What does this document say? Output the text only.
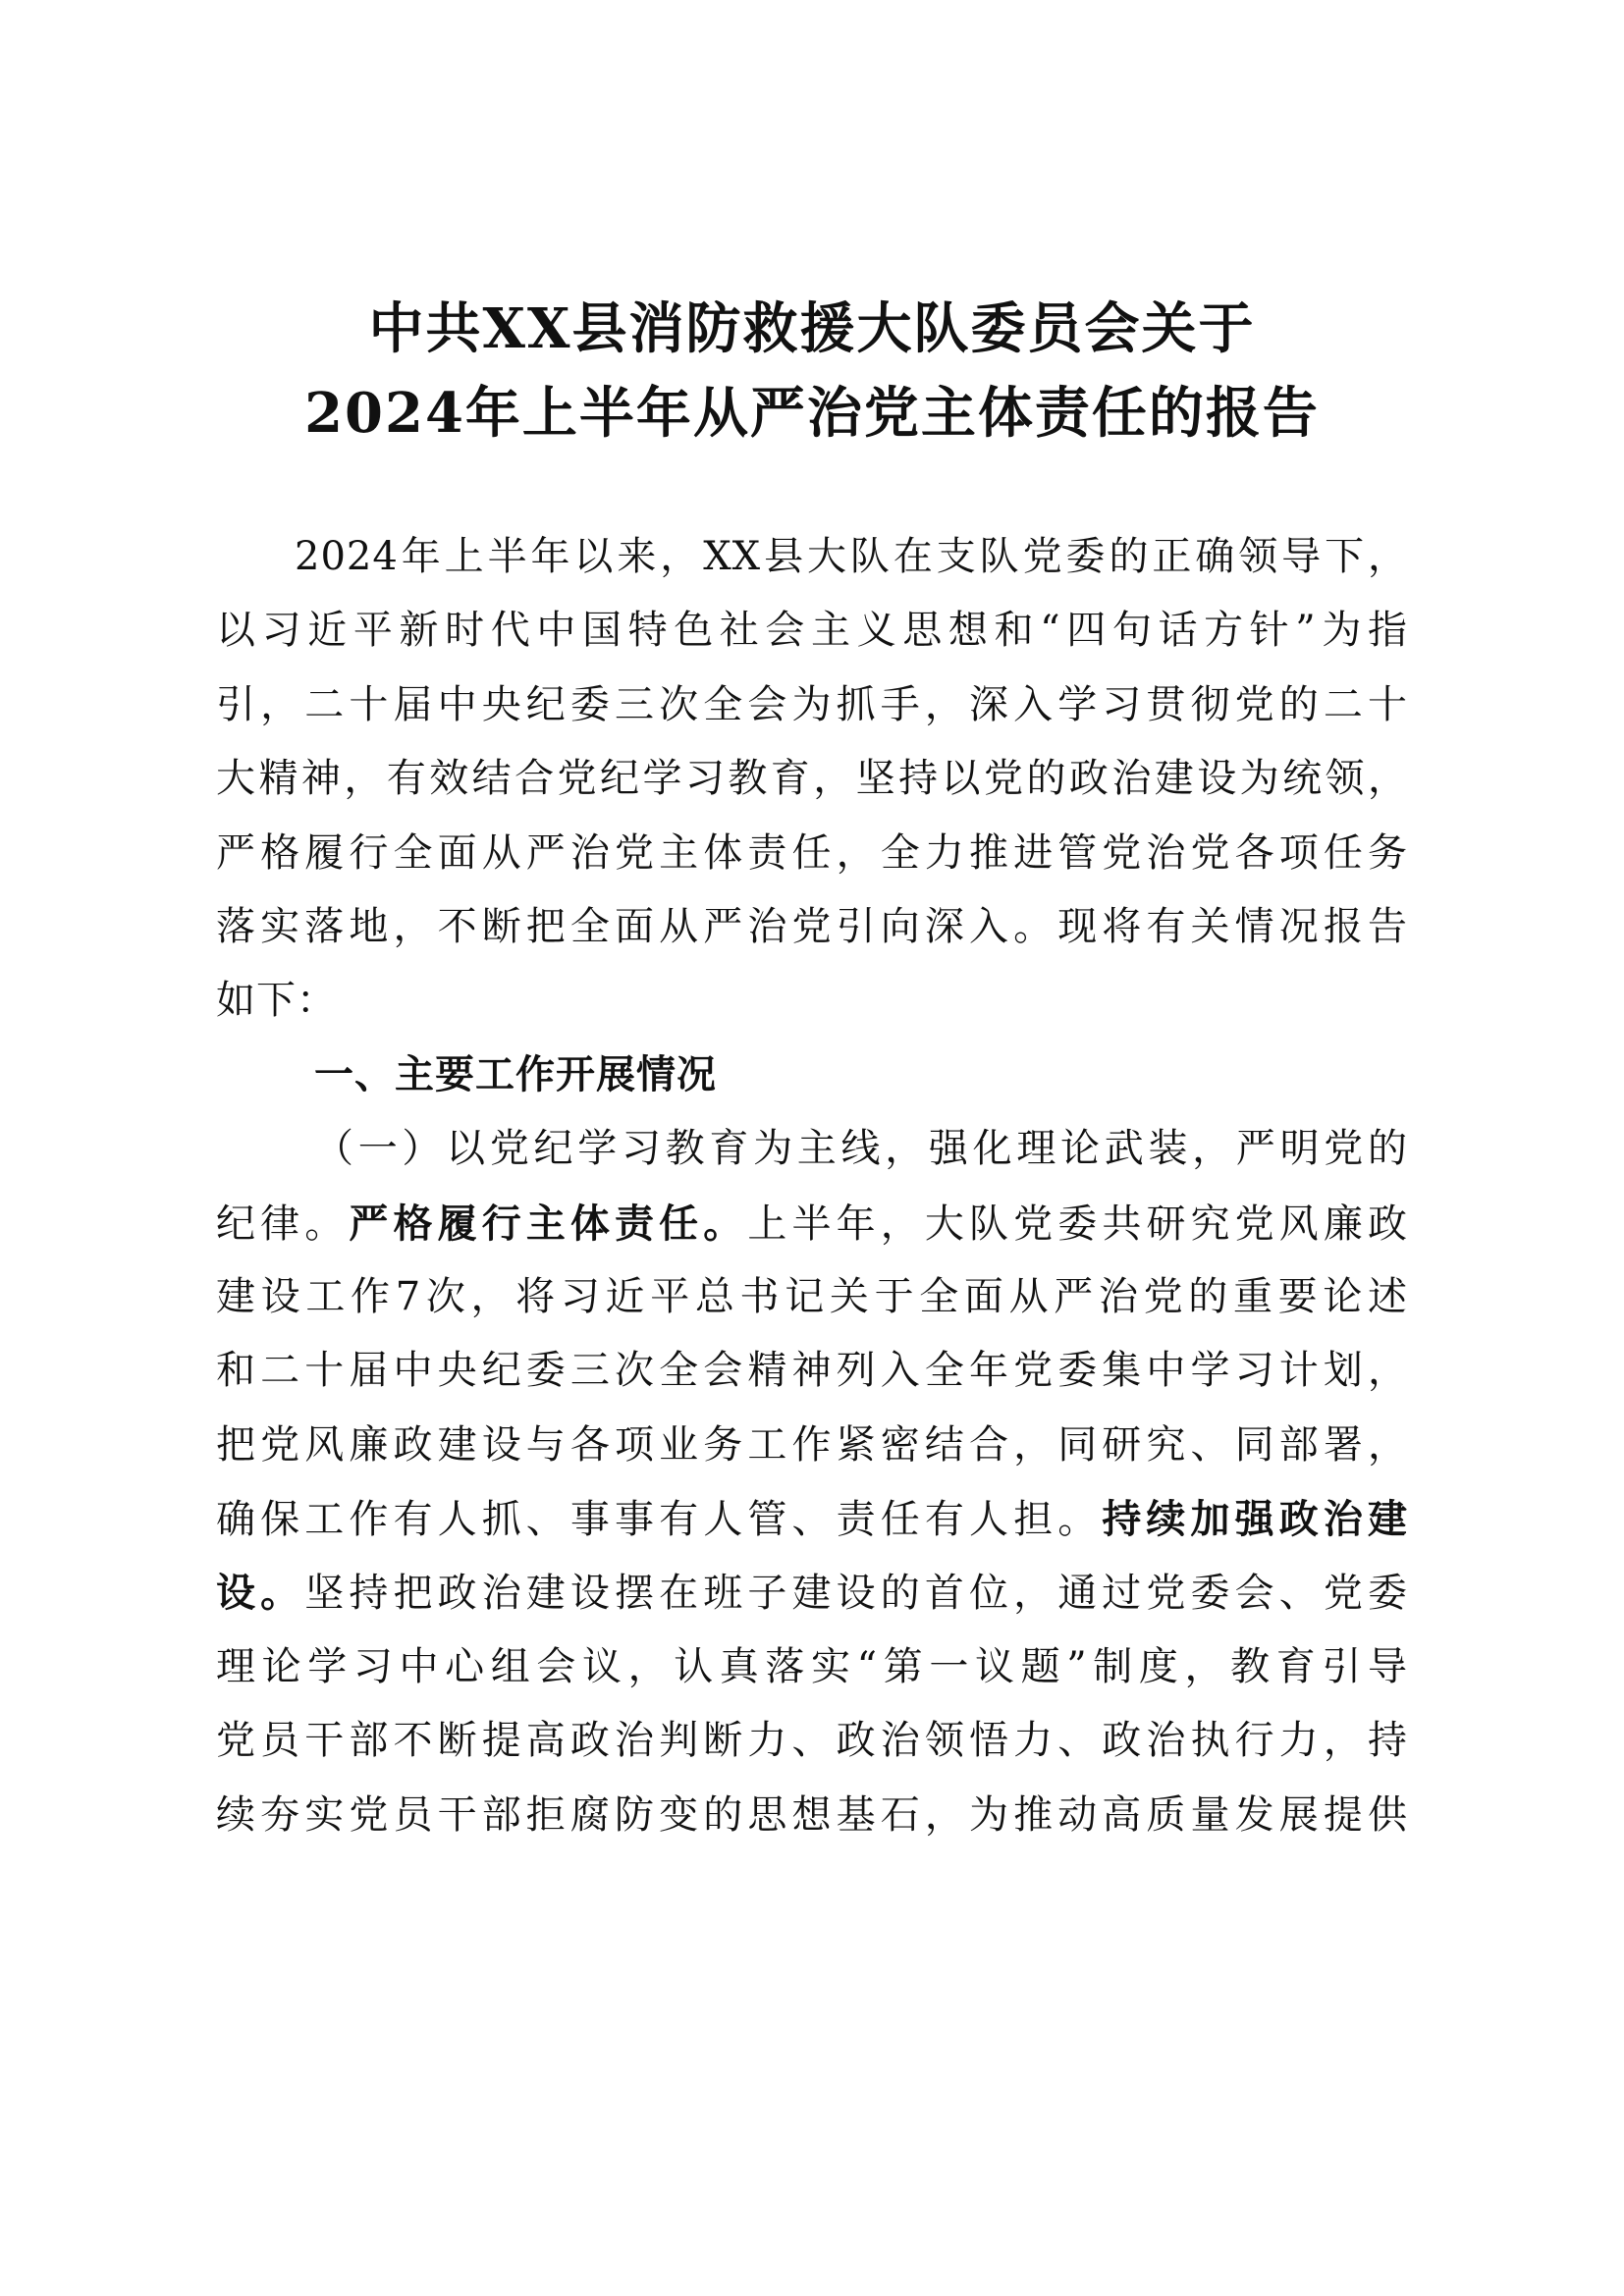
中共XX县消防救援大队委员会关于
2024年上半年从严治党主体责任的报告
2024年上半年以来，XX县大队在支队党委的正确领导下，
以习近平新时代中国特色社会主义思想和“四句话方针”为指
引，二十届中央纪委三次全会为抓手，深入学习贯彻党的二十
大精神，有效结合党纪学习教育，坚持以党的政治建设为统领，
严格履行全面从严治党主体责任，全力推进管党治党各项任务
落实落地，不断把全面从严治党引向深入。现将有关情况报告
如下：
一、主要工作开展情况
（一）以党纪学习教育为主线，强化理论武装，严明党的
纪律。严格履行主体责任。上半年，大队党委共研究党风廉政
建设工作7次，将习近平总书记关于全面从严治党的重要论述
和二十届中央纪委三次全会精神列入全年党委集中学习计划，
把党风廉政建设与各项业务工作紧密结合，同研究、同部署，
确保工作有人抓、事事有人管、责任有人担。持续加强政治建
设。坚持把政治建设摆在班子建设的首位，通过党委会、党委
理论学习中心组会议，认真落实“第一议题”制度，教育引导
党员干部不断提高政治判断力、政治领悟力、政治执行力，持
续夯实党员干部拒腐防变的思想基石，为推动高质量发展提供
